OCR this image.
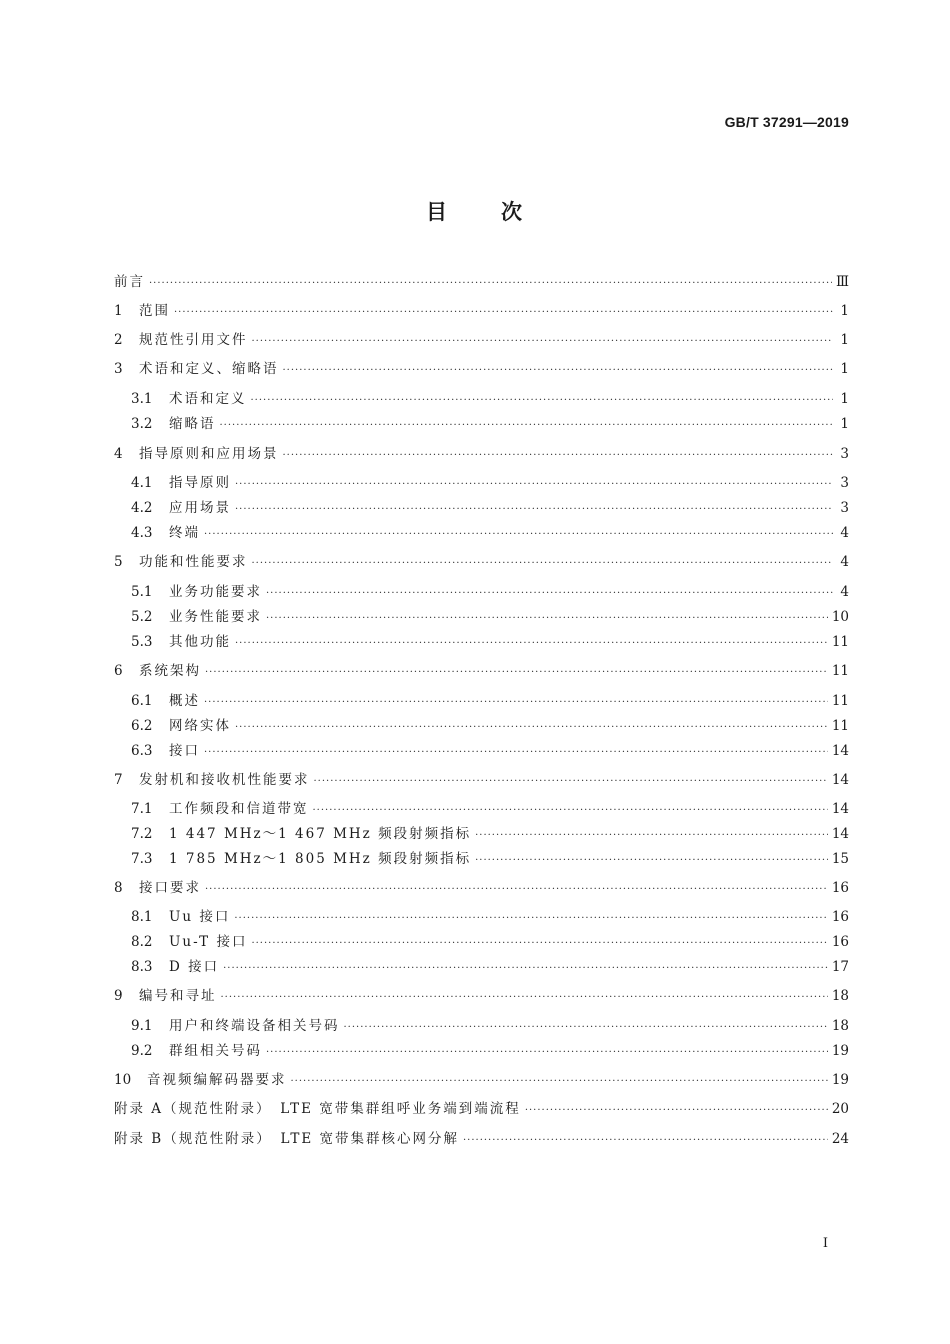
GB/T 37291—2019
目 次
前言 ·····	Ⅲ
1	范围 ·····	1
2	规范性引用文件 ·····	1
3	术语和定义、缩略语 ·····	1
3.1	术语和定义 ·····	1
3.2	缩略语 ·····	1
4	指导原则和应用场景 ·····	3
4.1	指导原则 ·····	3
4.2	应用场景 ·····	3
4.3	终端 ·····	4
5	功能和性能要求 ·····	4
5.1	业务功能要求 ·····	4
5.2	业务性能要求 ·····	10
5.3	其他功能 ·····	11
6	系统架构 ·····	11
6.1	概述 ·····	11
6.2	网络实体 ·····	11
6.3	接口 ·····	14
7	发射机和接收机性能要求 ·····	14
7.1	工作频段和信道带宽 ·····	14
7.2	1 447 MHz～1 467 MHz 频段射频指标 ·····	14
7.3	1 785 MHz～1 805 MHz 频段射频指标 ·····	15
8	接口要求 ·····	16
8.1	Uu 接口 ·····	16
8.2	Uu-T 接口 ·····	16
8.3	D 接口 ·····	17
9	编号和寻址 ·····	18
9.1	用户和终端设备相关号码 ·····	18
9.2	群组相关号码 ·····	19
10	音视频编解码器要求 ·····	19
附录 A（规范性附录）　LTE 宽带集群组呼业务端到端流程 ·····	20
附录 B（规范性附录）　LTE 宽带集群核心网分解 ·····	24
I
